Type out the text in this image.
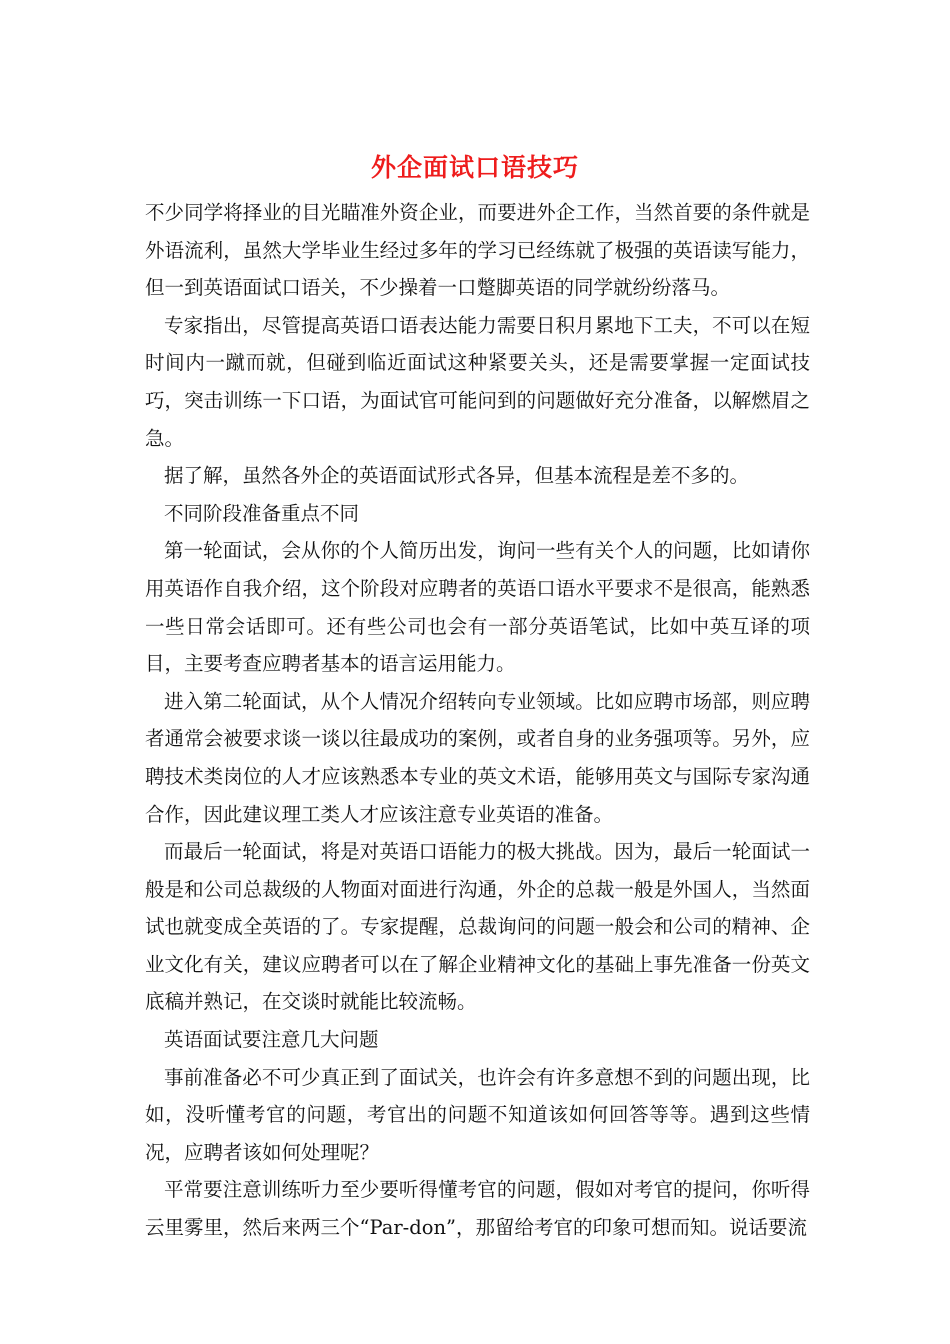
外企面试口语技巧

不少同学将择业的目光瞄准外资企业，而要进外企工作，当然首要的条件就是外语流利，虽然大学毕业生经过多年的学习已经练就了极强的英语读写能力，但一到英语面试口语关，不少操着一口蹩脚英语的同学就纷纷落马。

专家指出，尽管提高英语口语表达能力需要日积月累地下工夫，不可以在短时间内一蹴而就，但碰到临近面试这种紧要关头，还是需要掌握一定面试技巧，突击训练一下口语，为面试官可能问到的问题做好充分准备，以解燃眉之急。

据了解，虽然各外企的英语面试形式各异，但基本流程是差不多的。

不同阶段准备重点不同

第一轮面试，会从你的个人简历出发，询问一些有关个人的问题，比如请你用英语作自我介绍，这个阶段对应聘者的英语口语水平要求不是很高，能熟悉一些日常会话即可。还有些公司也会有一部分英语笔试，比如中英互译的项目，主要考查应聘者基本的语言运用能力。

进入第二轮面试，从个人情况介绍转向专业领域。比如应聘市场部，则应聘者通常会被要求谈一谈以往最成功的案例，或者自身的业务强项等。另外，应聘技术类岗位的人才应该熟悉本专业的英文术语，能够用英文与国际专家沟通合作，因此建议理工类人才应该注意专业英语的准备。

而最后一轮面试，将是对英语口语能力的极大挑战。因为，最后一轮面试一般是和公司总裁级的人物面对面进行沟通，外企的总裁一般是外国人，当然面试也就变成全英语的了。专家提醒，总裁询问的问题一般会和公司的精神、企业文化有关，建议应聘者可以在了解企业精神文化的基础上事先准备一份英文底稿并熟记，在交谈时就能比较流畅。

英语面试要注意几大问题

事前准备必不可少真正到了面试关，也许会有许多意想不到的问题出现，比如，没听懂考官的问题，考官出的问题不知道该如何回答等等。遇到这些情况，应聘者该如何处理呢？

平常要注意训练听力至少要听得懂考官的问题，假如对考官的提问，你听得云里雾里，然后来两三个“Par-don”，那留给考官的印象可想而知。说话要流
